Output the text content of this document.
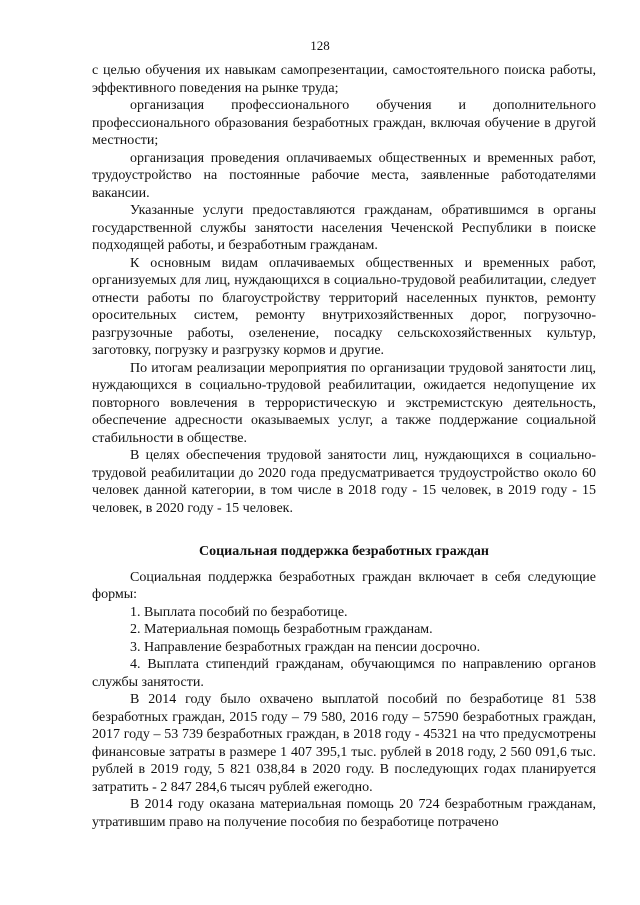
128

с целью обучения их навыкам самопрезентации, самостоятельного поиска работы, эффективного поведения на рынке труда;

организация профессионального обучения и дополнительного профессионального образования безработных граждан, включая обучение в другой местности;

организация проведения оплачиваемых общественных и временных работ, трудоустройство на постоянные рабочие места, заявленные работодателями вакансии.

Указанные услуги предоставляются гражданам, обратившимся в органы государственной службы занятости населения Чеченской Республики в поиске подходящей работы, и безработным гражданам.

К основным видам оплачиваемых общественных и временных работ, организуемых для лиц, нуждающихся в социально-трудовой реабилитации, следует отнести работы по благоустройству территорий населенных пунктов, ремонту оросительных систем, ремонту внутрихозяйственных дорог, погрузочно-разгрузочные работы, озеленение, посадку сельскохозяйственных культур, заготовку, погрузку и разгрузку кормов и другие.

По итогам реализации мероприятия по организации трудовой занятости лиц, нуждающихся в социально-трудовой реабилитации, ожидается недопущение их повторного вовлечения в террористическую и экстремистскую деятельность, обеспечение адресности оказываемых услуг, а также поддержание социальной стабильности в обществе.

В целях обеспечения трудовой занятости лиц, нуждающихся в социально-трудовой реабилитации до 2020 года предусматривается трудоустройство около 60 человек данной категории, в том числе в 2018 году - 15 человек, в 2019 году - 15 человек, в 2020 году - 15 человек.

Социальная поддержка безработных граждан

Социальная поддержка безработных граждан включает в себя следующие формы:

1. Выплата пособий по безработице.

2. Материальная помощь безработным гражданам.

3. Направление безработных граждан на пенсии досрочно.

4. Выплата стипендий гражданам, обучающимся по направлению органов службы занятости.

В 2014 году было охвачено выплатой пособий по безработице 81 538 безработных граждан, 2015 году – 79 580, 2016 году – 57590 безработных граждан, 2017 году – 53 739 безработных граждан, в 2018 году - 45321 на что предусмотрены финансовые затраты в размере 1 407 395,1 тыс. рублей в 2018 году, 2 560 091,6 тыс. рублей в 2019 году, 5 821 038,84 в 2020 году. В последующих годах планируется затратить - 2 847 284,6 тысяч рублей ежегодно.

В 2014 году оказана материальная помощь 20 724 безработным гражданам, утратившим право на получение пособия по безработице потрачено
